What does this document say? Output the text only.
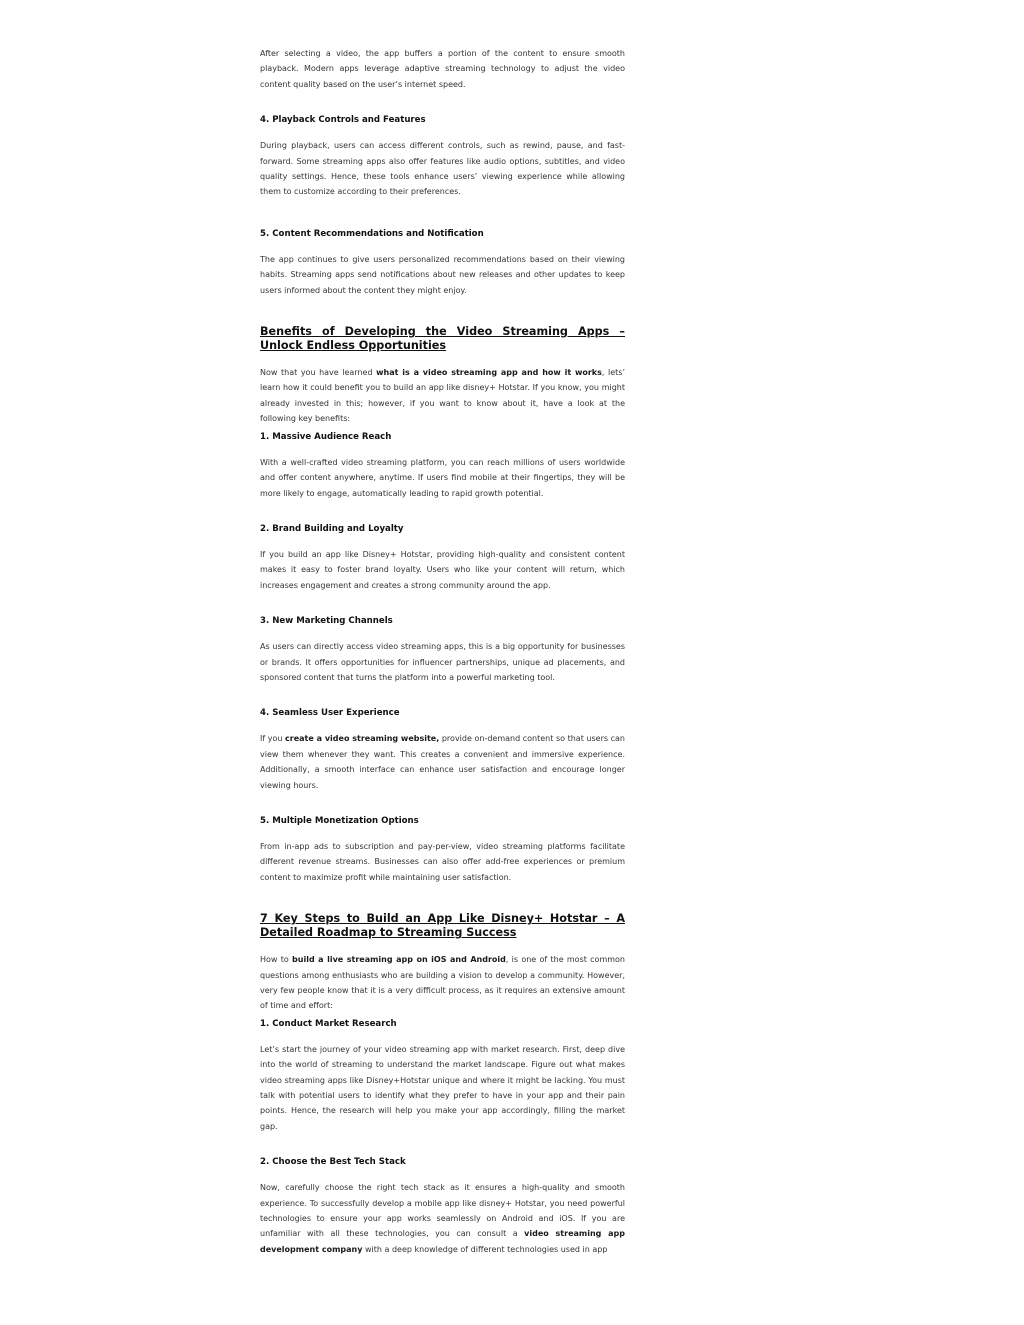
After selecting a video, the app buffers a portion of the content to ensure smooth playback. Modern apps leverage adaptive streaming technology to adjust the video content quality based on the user’s internet speed.

4. Playback Controls and Features

During playback, users can access different controls, such as rewind, pause, and fast-forward. Some streaming apps also offer features like audio options, subtitles, and video quality settings. Hence, these tools enhance users’ viewing experience while allowing them to customize according to their preferences.

5. Content Recommendations and Notification

The app continues to give users personalized recommendations based on their viewing habits. Streaming apps send notifications about new releases and other updates to keep users informed about the content they might enjoy.

Benefits of Developing the Video Streaming Apps – Unlock Endless Opportunities

Now that you have learned what is a video streaming app and how it works, lets’ learn how it could benefit you to build an app like disney+ Hotstar. If you know, you might already invested in this; however, if you want to know about it, have a look at the following key benefits:

1. Massive Audience Reach

With a well-crafted video streaming platform, you can reach millions of users worldwide and offer content anywhere, anytime. If users find mobile at their fingertips, they will be more likely to engage, automatically leading to rapid growth potential.

2. Brand Building and Loyalty

If you build an app like Disney+ Hotstar, providing high-quality and consistent content makes it easy to foster brand loyalty. Users who like your content will return, which increases engagement and creates a strong community around the app.

3. New Marketing Channels

As users can directly access video streaming apps, this is a big opportunity for businesses or brands. It offers opportunities for influencer partnerships, unique ad placements, and sponsored content that turns the platform into a powerful marketing tool.

4. Seamless User Experience

If you create a video streaming website, provide on-demand content so that users can view them whenever they want. This creates a convenient and immersive experience. Additionally, a smooth interface can enhance user satisfaction and encourage longer viewing hours.

5. Multiple Monetization Options

From in-app ads to subscription and pay-per-view, video streaming platforms facilitate different revenue streams. Businesses can also offer add-free experiences or premium content to maximize profit while maintaining user satisfaction.

7 Key Steps to Build an App Like Disney+ Hotstar – A Detailed Roadmap to Streaming Success

How to build a live streaming app on iOS and Android, is one of the most common questions among enthusiasts who are building a vision to develop a community. However, very few people know that it is a very difficult process, as it requires an extensive amount of time and effort:

1. Conduct Market Research

Let’s start the journey of your video streaming app with market research. First, deep dive into the world of streaming to understand the market landscape. Figure out what makes video streaming apps like Disney+Hotstar unique and where it might be lacking. You must talk with potential users to identify what they prefer to have in your app and their pain points. Hence, the research will help you make your app accordingly, filling the market gap.

2. Choose the Best Tech Stack

Now, carefully choose the right tech stack as it ensures a high-quality and smooth experience. To successfully develop a mobile app like disney+ Hotstar, you need powerful technologies to ensure your app works seamlessly on Android and iOS. If you are unfamiliar with all these technologies, you can consult a video streaming app development company with a deep knowledge of different technologies used in app
